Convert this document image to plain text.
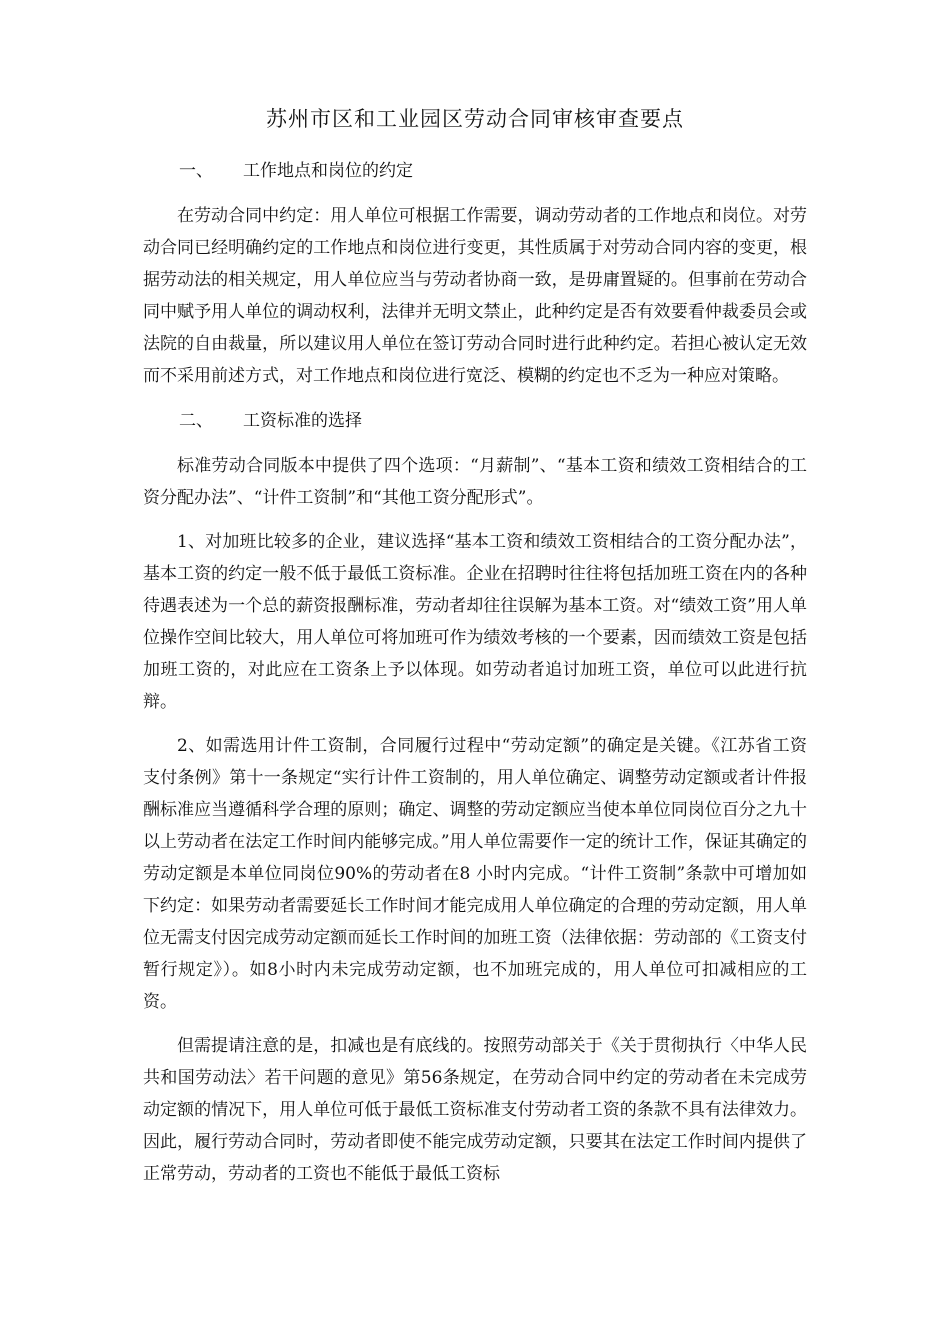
苏州市区和工业园区劳动合同审核审查要点
一、 工作地点和岗位的约定

在劳动合同中约定：用人单位可根据工作需要，调动劳动者的工作地点和岗位。对劳动合同已经明确约定的工作地点和岗位进行变更，其性质属于对劳动合同内容的变更，根据劳动法的相关规定，用人单位应当与劳动者协商一致，是毋庸置疑的。但事前在劳动合同中赋予用人单位的调动权利，法律并无明文禁止，此种约定是否有效要看仲裁委员会或法院的自由裁量，所以建议用人单位在签订劳动合同时进行此种约定。若担心被认定无效而不采用前述方式，对工作地点和岗位进行宽泛、模糊的约定也不乏为一种应对策略。

二、 工资标准的选择

标准劳动合同版本中提供了四个选项：“月薪制”、“基本工资和绩效工资相结合的工资分配办法”、“计件工资制”和“其他工资分配形式”。

1、对加班比较多的企业，建议选择“基本工资和绩效工资相结合的工资分配办法”，基本工资的约定一般不低于最低工资标准。企业在招聘时往往将包括加班工资在内的各种待遇表述为一个总的薪资报酬标准，劳动者却往往误解为基本工资。对“绩效工资”用人单位操作空间比较大，用人单位可将加班可作为绩效考核的一个要素，因而绩效工资是包括加班工资的，对此应在工资条上予以体现。如劳动者追讨加班工资，单位可以此进行抗辩。

2、如需选用计件工资制，合同履行过程中“劳动定额”的确定是关键。《江苏省工资支付条例》第十一条规定“实行计件工资制的，用人单位确定、调整劳动定额或者计件报酬标准应当遵循科学合理的原则；确定、调整的劳动定额应当使本单位同岗位百分之九十以上劳动者在法定工作时间内能够完成。”用人单位需要作一定的统计工作，保证其确定的劳动定额是本单位同岗位90%的劳动者在8 小时内完成。“计件工资制”条款中可增加如下约定：如果劳动者需要延长工作时间才能完成用人单位确定的合理的劳动定额，用人单位无需支付因完成劳动定额而延长工作时间的加班工资（法律依据：劳动部的《工资支付暂行规定》）。如8小时内未完成劳动定额，也不加班完成的，用人单位可扣减相应的工资。

但需提请注意的是，扣减也是有底线的。按照劳动部关于《关于贯彻执行〈中华人民共和国劳动法〉若干问题的意见》第56条规定，在劳动合同中约定的劳动者在未完成劳动定额的情况下，用人单位可低于最低工资标准支付劳动者工资的条款不具有法律效力。因此，履行劳动合同时，劳动者即使不能完成劳动定额，只要其在法定工作时间内提供了正常劳动，劳动者的工资也不能低于最低工资标
